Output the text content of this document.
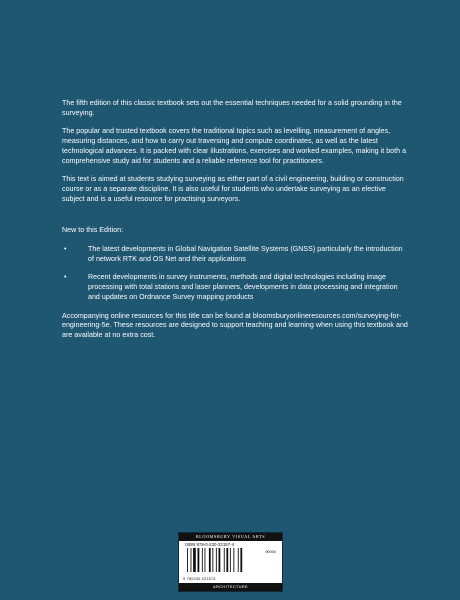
The fifth edition of this classic textbook sets out the essential techniques needed for a solid grounding in the surveying.

The popular and trusted textbook covers the traditional topics such as levelling, measurement of angles, measuring distances, and how to carry out traversing and compute coordinates, as well as the latest technological advances. It is packed with clear illustrations, exercises and worked examples, making it both a comprehensive study aid for students and a reliable reference tool for practitioners.

This text is aimed at students studying surveying as either part of a civil engineering, building or construction course or as a separate discipline. It is also useful for students who undertake surveying as an elective subject and is a useful resource for practising surveyors.

New to this Edition:

•	The latest developments in Global Navigation Satellite Systems (GNSS) particularly the introduction of network RTK and OS Net and their applications
•	Recent developments in survey instruments, methods and digital technologies including image processing with total stations and laser planners, developments in data processing and integration and updates on Ordnance Survey mapping products

Accompanying online resources for this title can be found at bloomsburyonlineresources.com/surveying-for-engineering-5e. These resources are designed to support teaching and learning when using this textbook and are available at no extra cost.

BLOOMSBURY VISUAL ARTS
ISBN 978-0-230-22157-4
90000
9 780230 221574
ARCHITECTURE
